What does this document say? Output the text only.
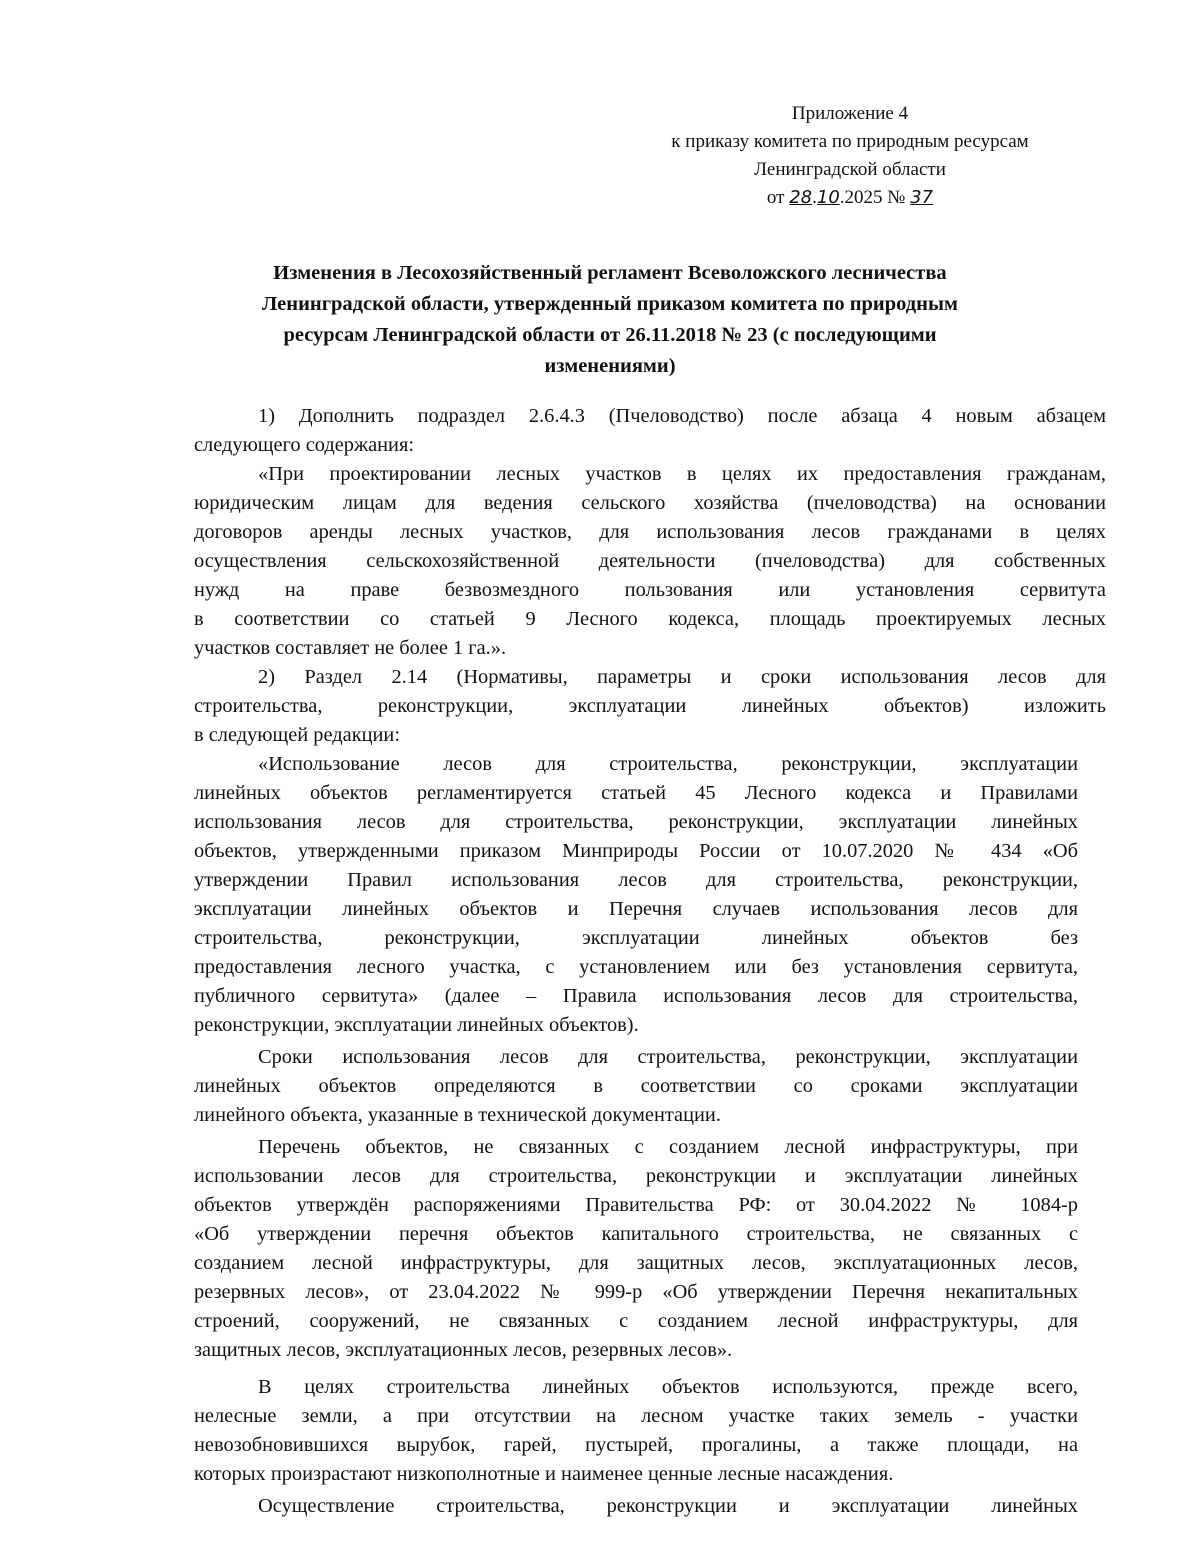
Приложение 4
к приказу комитета по природным ресурсам
Ленинградской области
от 28.10.2025 № 37
Изменения в Лесохозяйственный регламент Всеволожского лесничества
Ленинградской области, утвержденный приказом комитета по природным
ресурсам Ленинградской области от 26.11.2018 № 23 (с последующими
изменениями)
1) Дополнить подраздел 2.6.4.3 (Пчеловодство) после абзаца 4 новым абзацем
следующего содержания:
«При проектировании лесных участков в целях их предоставления гражданам,
юридическим лицам для ведения сельского хозяйства (пчеловодства) на основании
договоров аренды лесных участков, для использования лесов гражданами в целях
осуществления сельскохозяйственной деятельности (пчеловодства) для собственных
нужд на праве безвозмездного пользования или установления сервитута
в соответствии со статьей 9 Лесного кодекса, площадь проектируемых лесных
участков составляет не более 1 га.».
2) Раздел 2.14 (Нормативы, параметры и сроки использования лесов для
строительства, реконструкции, эксплуатации линейных объектов) изложить
в следующей редакции:
«Использование лесов для строительства, реконструкции, эксплуатации
линейных объектов регламентируется статьей 45 Лесного кодекса и Правилами
использования лесов для строительства, реконструкции, эксплуатации линейных
объектов, утвержденными приказом Минприроды России от 10.07.2020 № 434 «Об
утверждении Правил использования лесов для строительства, реконструкции,
эксплуатации линейных объектов и Перечня случаев использования лесов для
строительства, реконструкции, эксплуатации линейных объектов без
предоставления лесного участка, с установлением или без установления сервитута,
публичного сервитута» (далее – Правила использования лесов для строительства,
реконструкции, эксплуатации линейных объектов).
Сроки использования лесов для строительства, реконструкции, эксплуатации
линейных объектов определяются в соответствии со сроками эксплуатации
линейного объекта, указанные в технической документации.
Перечень объектов, не связанных с созданием лесной инфраструктуры, при
использовании лесов для строительства, реконструкции и эксплуатации линейных
объектов утверждён распоряжениями Правительства РФ: от 30.04.2022 № 1084-р
«Об утверждении перечня объектов капитального строительства, не связанных с
созданием лесной инфраструктуры, для защитных лесов, эксплуатационных лесов,
резервных лесов», от 23.04.2022 № 999-р «Об утверждении Перечня некапитальных
строений, сооружений, не связанных с созданием лесной инфраструктуры, для
защитных лесов, эксплуатационных лесов, резервных лесов».
В целях строительства линейных объектов используются, прежде всего,
нелесные земли, а при отсутствии на лесном участке таких земель - участки
невозобновившихся вырубок, гарей, пустырей, прогалины, а также площади, на
которых произрастают низкополнотные и наименее ценные лесные насаждения.
Осуществление строительства, реконструкции и эксплуатации линейных
